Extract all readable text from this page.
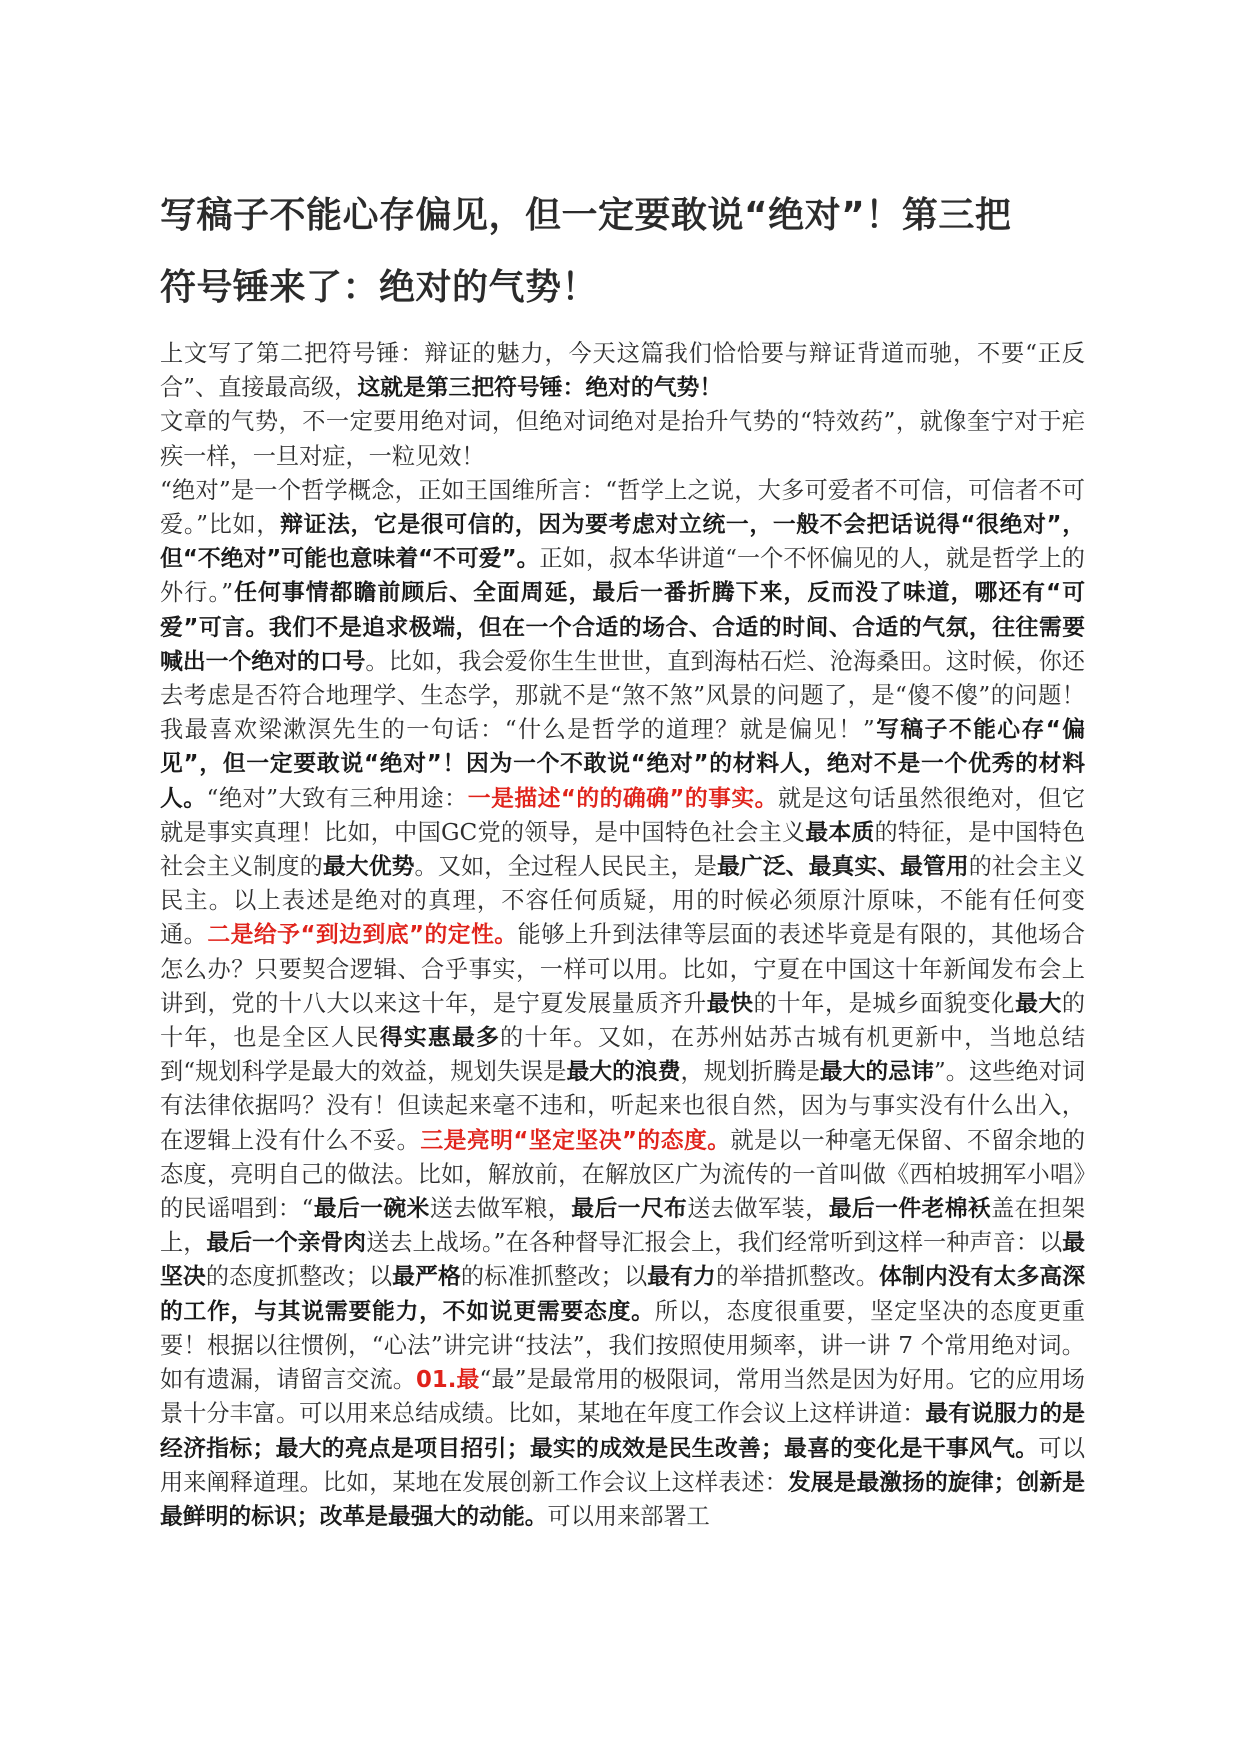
写稿子不能心存偏见，但一定要敢说“绝对”！第三把
符号锤来了：绝对的气势！

上文写了第二把符号锤：辩证的魅力，今天这篇我们恰恰要与辩证背道而驰，不要“正反合”、直接最高级，这就是第三把符号锤：绝对的气势！

文章的气势，不一定要用绝对词，但绝对词绝对是抬升气势的“特效药”，就像奎宁对于疟疾一样，一旦对症，一粒见效！

“绝对”是一个哲学概念，正如王国维所言：“哲学上之说，大多可爱者不可信，可信者不可爱。”比如，辩证法，它是很可信的，因为要考虑对立统一，一般不会把话说得“很绝对”，但“不绝对”可能也意味着“不可爱”。正如，叔本华讲道“一个不怀偏见的人，就是哲学上的外行。”任何事情都瞻前顾后、全面周延，最后一番折腾下来，反而没了味道，哪还有“可爱”可言。我们不是追求极端，但在一个合适的场合、合适的时间、合适的气氛，往往需要喊出一个绝对的口号。比如，我会爱你生生世世，直到海枯石烂、沧海桑田。这时候，你还去考虑是否符合地理学、生态学，那就不是“煞不煞”风景的问题了，是“傻不傻”的问题！我最喜欢梁漱溟先生的一句话：“什么是哲学的道理？就是偏见！”写稿子不能心存“偏见”，但一定要敢说“绝对”！因为一个不敢说“绝对”的材料人，绝对不是一个优秀的材料人。“绝对”大致有三种用途：一是描述“的的确确”的事实。就是这句话虽然很绝对，但它就是事实真理！比如，中国GC党的领导，是中国特色社会主义最本质的特征，是中国特色社会主义制度的最大优势。又如，全过程人民民主，是最广泛、最真实、最管用的社会主义民主。以上表述是绝对的真理，不容任何质疑，用的时候必须原汁原味，不能有任何变通。二是给予“到边到底”的定性。能够上升到法律等层面的表述毕竟是有限的，其他场合怎么办？只要契合逻辑、合乎事实，一样可以用。比如，宁夏在中国这十年新闻发布会上讲到，党的十八大以来这十年，是宁夏发展量质齐升最快的十年，是城乡面貌变化最大的十年，也是全区人民得实惠最多的十年。又如，在苏州姑苏古城有机更新中，当地总结到“规划科学是最大的效益，规划失误是最大的浪费，规划折腾是最大的忌讳”。这些绝对词有法律依据吗？没有！但读起来毫不违和，听起来也很自然，因为与事实没有什么出入，在逻辑上没有什么不妥。三是亮明“坚定坚决”的态度。就是以一种毫无保留、不留余地的态度，亮明自己的做法。比如，解放前，在解放区广为流传的一首叫做《西柏坡拥军小唱》的民谣唱到：“最后一碗米送去做军粮，最后一尺布送去做军装，最后一件老棉袄盖在担架上，最后一个亲骨肉送去上战场。”在各种督导汇报会上，我们经常听到这样一种声音：以最坚决的态度抓整改；以最严格的标准抓整改；以最有力的举措抓整改。体制内没有太多高深的工作，与其说需要能力，不如说更需要态度。所以，态度很重要，坚定坚决的态度更重要！根据以往惯例，“心法”讲完讲“技法”，我们按照使用频率，讲一讲 7 个常用绝对词。如有遗漏，请留言交流。01.最“最”是最常用的极限词，常用当然是因为好用。它的应用场景十分丰富。可以用来总结成绩。比如，某地在年度工作会议上这样讲道：最有说服力的是经济指标；最大的亮点是项目招引；最实的成效是民生改善；最喜的变化是干事风气。可以用来阐释道理。比如，某地在发展创新工作会议上这样表述：发展是最激扬的旋律；创新是最鲜明的标识；改革是最强大的动能。可以用来部署工
